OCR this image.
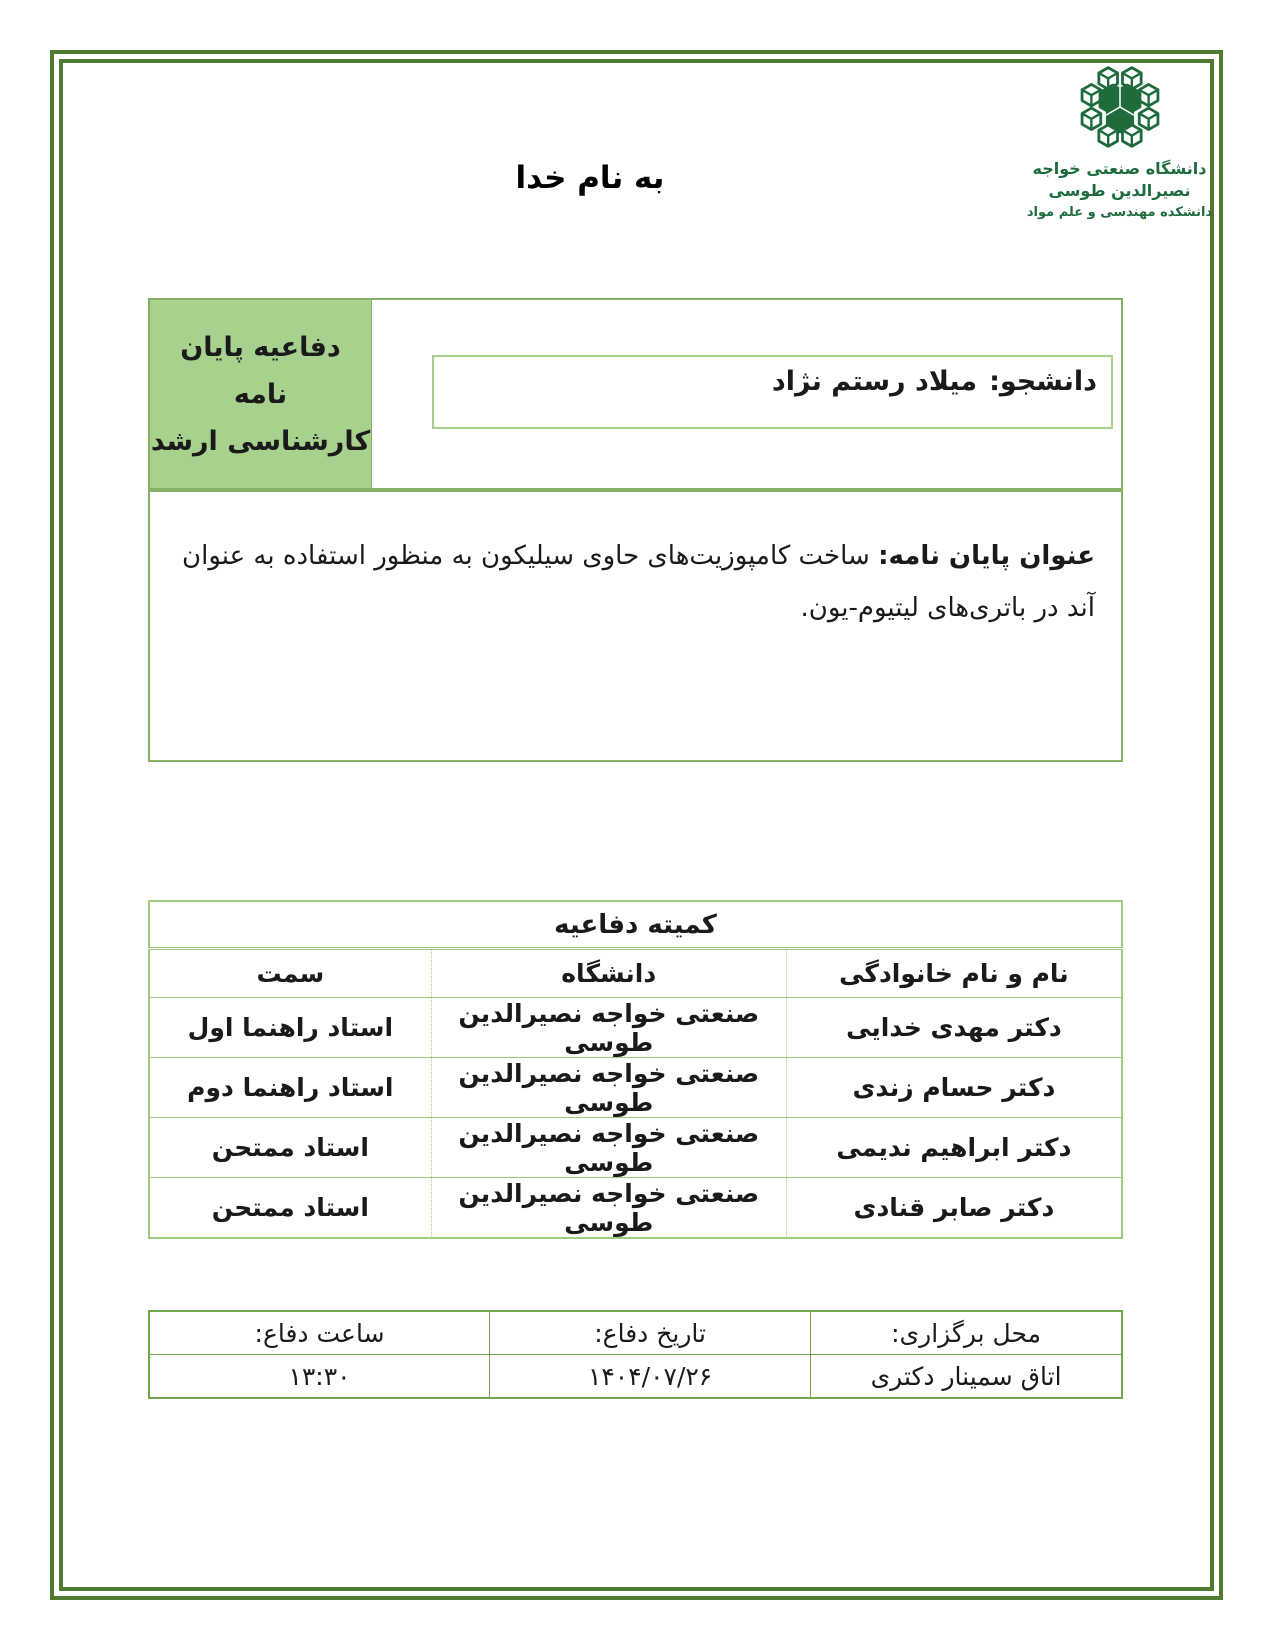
به نام خدا	دانشگاه صنعتی خواجه نصیرالدین طوسی
دانشکده مهندسی و علم مواد
دفاعیه پایان نامه
کارشناسی ارشد
دانشجو:میلاد رستم نژاد
عنوان پایان نامه: ساخت کامپوزیت‌های حاوی سیلیکون به منظور استفاده به عنوان آند در باتری‌های لیتیوم-یون.
کمیته دفاعیه		
نام و نام خانوادگی	دانشگاه	سمت
دکتر مهدی خدایی	صنعتی خواجه نصیرالدین طوسی	استاد راهنما اول
دکتر حسام زندی	صنعتی خواجه نصیرالدین طوسی	استاد راهنما دوم
دکتر ابراهیم ندیمی	صنعتی خواجه نصیرالدین طوسی	استاد ممتحن
دکتر صابر قنادی	صنعتی خواجه نصیرالدین طوسی	استاد ممتحن
محل برگزاری:	تاریخ دفاع:	ساعت دفاع:
اتاق سمینار دکتری	۱۴۰۴/۰۷/۲۶	۱۳:۳۰
